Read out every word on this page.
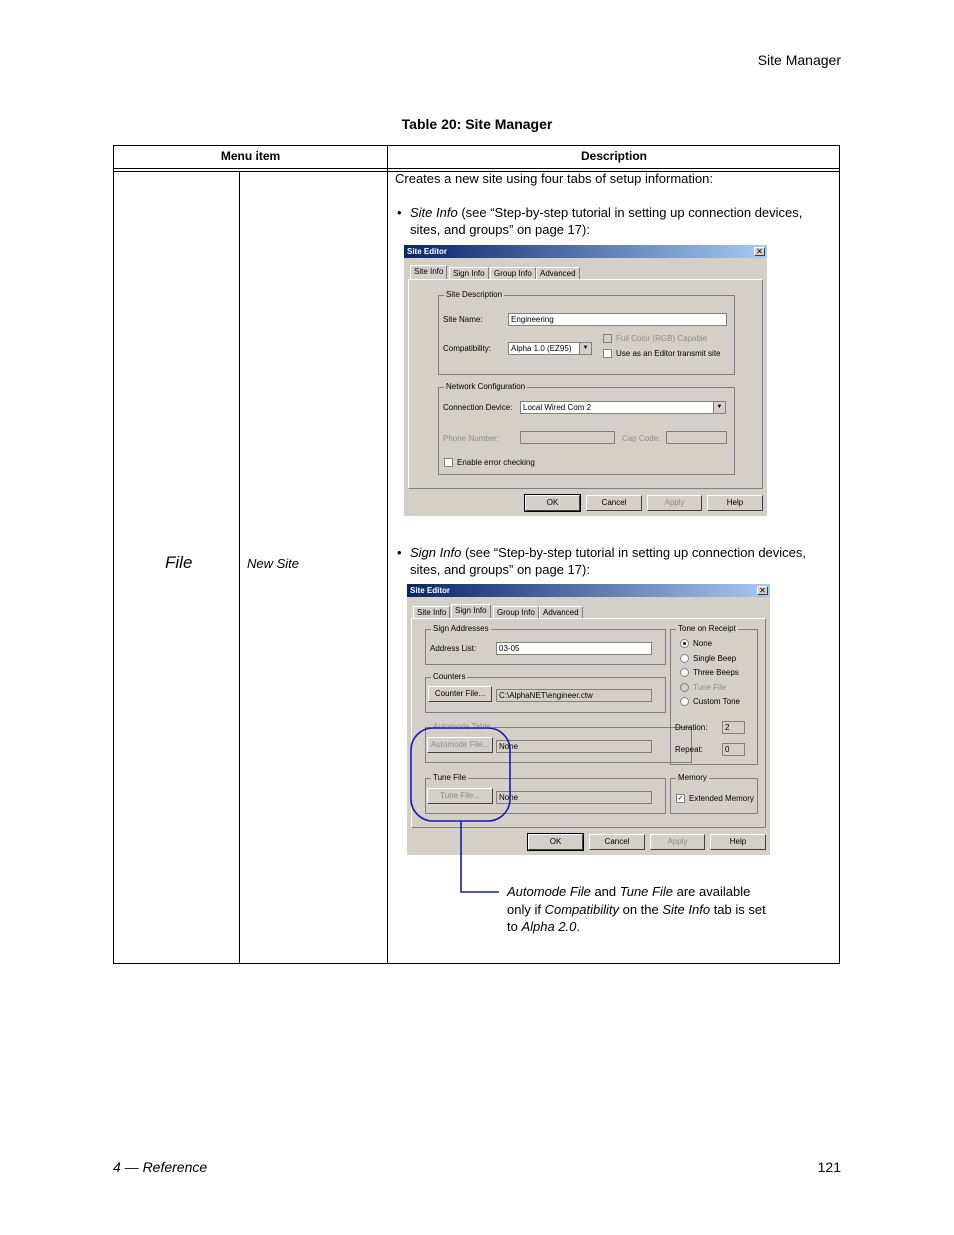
Site Manager
Table 20: Site Manager
Menu item	Description
File	New Site
Creates a new site using four tabs of setup information:
• Site Info (see “Step-by-step tutorial in setting up connection devices, sites, and groups” on page 17):
Site Editor	✕
Site Info	Sign Info	Group Info	Advanced
Site Description
Site Name:	Engineering
Compatibility:	Alpha 1.0 (EZ95)	▼
Full Color (RGB) Capable
Use as an Editor transmit site
Network Configuration
Connection Device:	Local Wired Com 2	▼
Phone Number:	Cap Code:
Enable error checking
OK	Cancel	Apply	Help
• Sign Info (see “Step-by-step tutorial in setting up connection devices, sites, and groups” on page 17):
Site Editor	✕
Site Info	Sign Info	Group Info	Advanced
Sign Addresses
Address List:	03-05
Counters
Counter File...	C:\AlphaNET\engineer.ctw
Automode Table
Automode File...	None
Tune File
Tune File...	None
Tone on Receipt
None
Single Beep
Three Beeps
Tune File
Custom Tone
Duration:	2
Repeat:	0
Memory
✓ Extended Memory
OK	Cancel	Apply	Help
Automode File and Tune File are available only if Compatibility on the Site Info tab is set to Alpha 2.0.
4 — Reference	121
